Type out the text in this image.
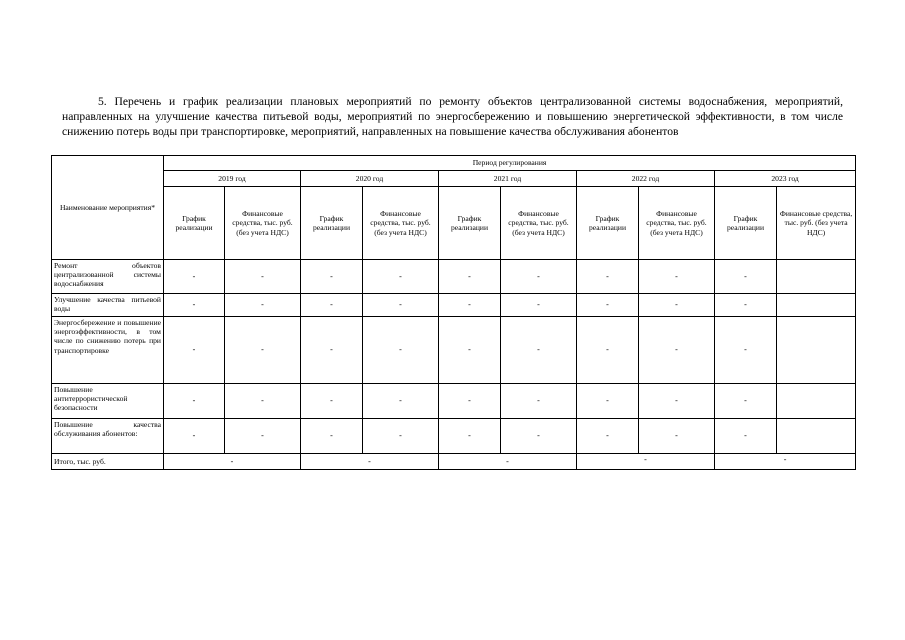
5. Перечень и график реализации плановых мероприятий по ремонту объектов централизованной системы водоснабжения, мероприятий, направленных на улучшение качества питьевой воды, мероприятий по энергосбережению и повышению энергетической эффективности, в том числе снижению потерь воды при транспортировке, мероприятий, направленных на повышение качества обслуживания абонентов
Наименование мероприятия*	Период регулирования									
	2019 год		2020 год		2021 год		2022 год		2023 год	
	График реализации	Финансовые средства, тыс. руб. (без учета НДС)	График реализации	Финансовые средства, тыс. руб. (без учета НДС)	График реализации	Финансовые средства, тыс. руб. (без учета НДС)	График реализации	Финансовые средства, тыс. руб. (без учета НДС)	График реализации	Финансовые средства, тыс. руб. (без учета НДС)
Ремонт объектов централизованной системы водоснабжения	-	-	-	-	-	-	-	-	-	
Улучшение качества питьевой воды	-	-	-	-	-	-	-	-	-	
Энергосбережение и повышение энергоэффективности, в том числе по снижению потерь при транспортировке	-	-	-	-	-	-	-	-	-	
Повышение антитеррористической безопасности	-	-	-	-	-	-	-	-	-	
Повышение качества обслуживания абонентов:	-	-	-	-	-	-	-	-	-	
Итого, тыс. руб.	-		-		-		-		-	
